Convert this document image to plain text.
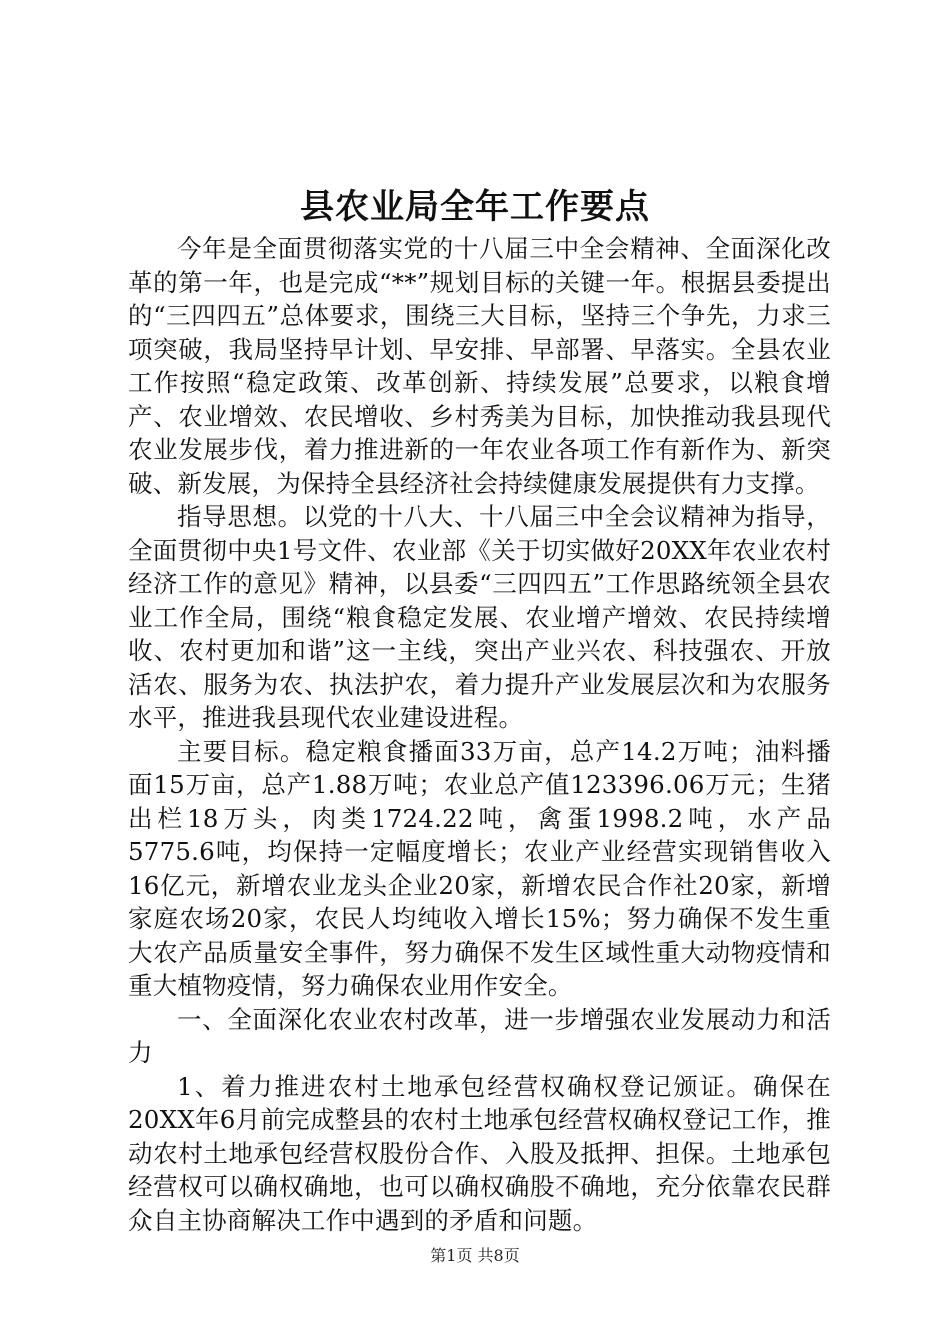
县农业局全年工作要点

今年是全面贯彻落实党的十八届三中全会精神、全面深化改革的第一年，也是完成“**”规划目标的关键一年。根据县委提出的“三四四五”总体要求，围绕三大目标，坚持三个争先，力求三项突破，我局坚持早计划、早安排、早部署、早落实。全县农业工作按照“稳定政策、改革创新、持续发展”总要求，以粮食增产、农业增效、农民增收、乡村秀美为目标，加快推动我县现代农业发展步伐，着力推进新的一年农业各项工作有新作为、新突破、新发展，为保持全县经济社会持续健康发展提供有力支撑。

指导思想。以党的十八大、十八届三中全会议精神为指导，全面贯彻中央1号文件、农业部《关于切实做好20XX年农业农村经济工作的意见》精神，以县委“三四四五”工作思路统领全县农业工作全局，围绕“粮食稳定发展、农业增产增效、农民持续增收、农村更加和谐”这一主线，突出产业兴农、科技强农、开放活农、服务为农、执法护农，着力提升产业发展层次和为农服务水平，推进我县现代农业建设进程。

主要目标。稳定粮食播面33万亩，总产14.2万吨；油料播面15万亩，总产1.88万吨；农业总产值123396.06万元；生猪出栏18万头，肉类1724.22吨，禽蛋1998.2吨，水产品5775.6吨，均保持一定幅度增长；农业产业经营实现销售收入16亿元，新增农业龙头企业20家，新增农民合作社20家，新增家庭农场20家，农民人均纯收入增长15%；努力确保不发生重大农产品质量安全事件，努力确保不发生区域性重大动物疫情和重大植物疫情，努力确保农业用作安全。

一、全面深化农业农村改革，进一步增强农业发展动力和活力

1、着力推进农村土地承包经营权确权登记颁证。确保在20XX年6月前完成整县的农村土地承包经营权确权登记工作，推动农村土地承包经营权股份合作、入股及抵押、担保。土地承包经营权可以确权确地，也可以确权确股不确地，充分依靠农民群众自主协商解决工作中遇到的矛盾和问题。

第1页 共8页
